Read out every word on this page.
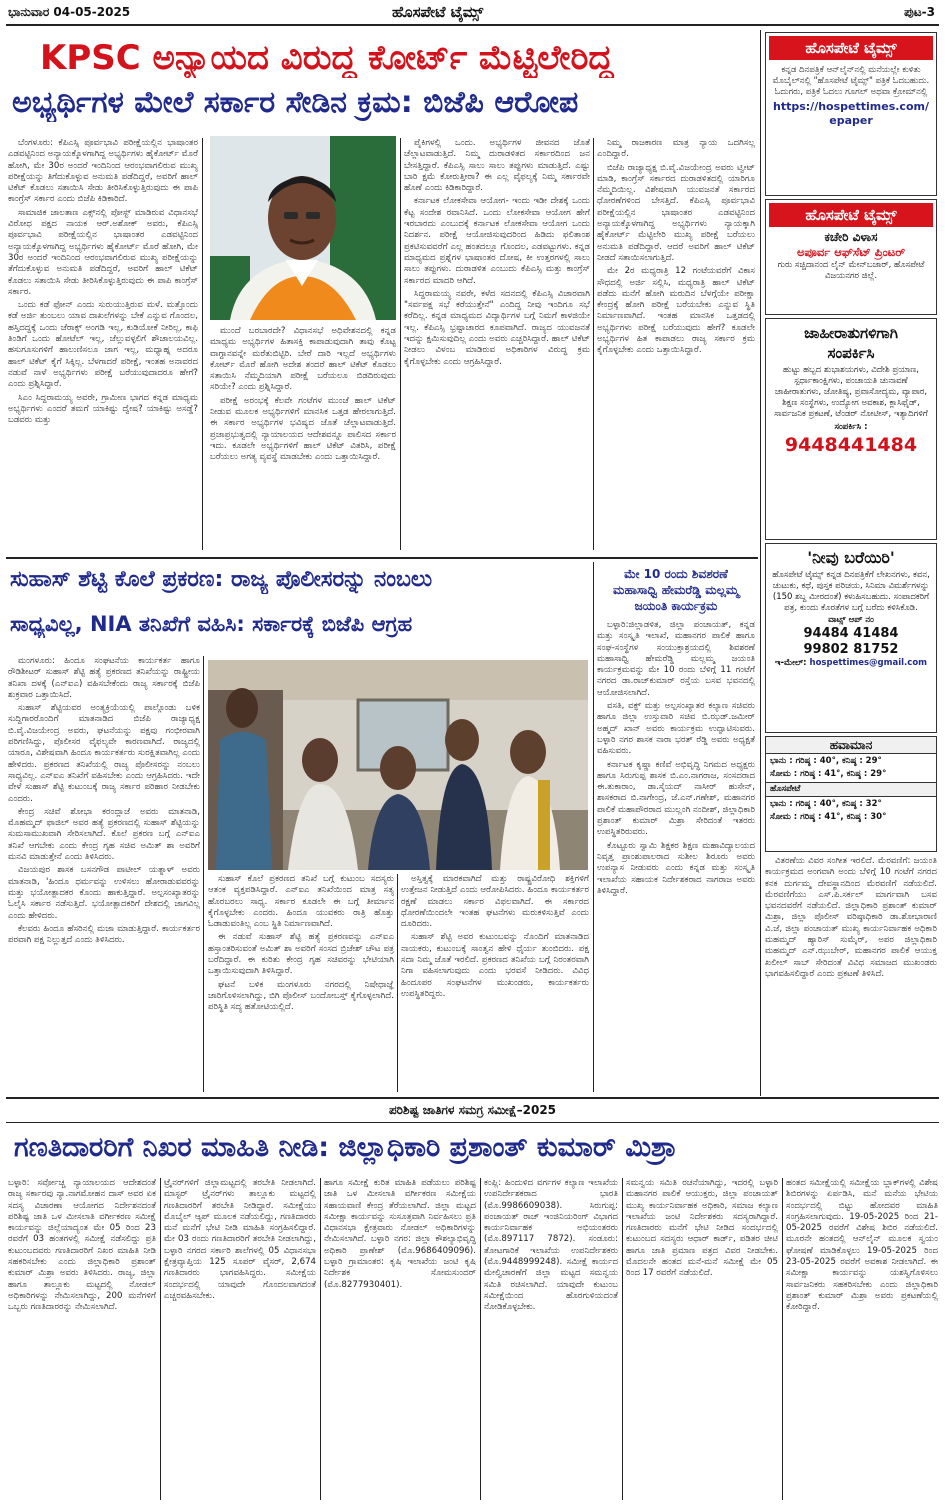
ಭಾನುವಾರ 04-05-2025	ಹೊಸಪೇಟೆ ಟೈಮ್ಸ್	ಪುಟ-3
KPSC ಅನ್ಯಾಯದ ವಿರುದ್ಧ ಕೋರ್ಟ್ ಮೆಟ್ಟಿಲೇರಿದ್ದ
ಅಭ್ಯರ್ಥಿಗಳ ಮೇಲೆ ಸರ್ಕಾರ ಸೇಡಿನ ಕ್ರಮ: ಬಿಜೆಪಿ ಆರೋಪ

ಬೆಂಗಳೂರು: ಕೆಪಿಎಸ್ಸಿ ಪೂರ್ವಭಾವಿ ಪರೀಕ್ಷೆಯಲ್ಲಿನ ಭಾಷಾಂತರ ಎಡವಟ್ಟಿನಿಂದ ಅನ್ಯಾಯಕ್ಕೊಳಗಾಗಿದ್ದ ಅಭ್ಯರ್ಥಿಗಳು ಹೈಕೋರ್ಟ್ ಮೊರೆ ಹೋಗಿ, ಮೇ 30ರ ಅಂದರೆ ಇಂದಿನಿಂದ ಆರಂಭವಾಗಲಿರುವ ಮುಖ್ಯ ಪರೀಕ್ಷೆಯನ್ನು ತಿಗೆದುಕೊಳ್ಳುವ ಅನುಮತಿ ಪಡೆದಿದ್ದರೆ, ಅವರಿಗೆ ಹಾಲ್ ಟಿಕೆಟ್ ಕೊಡಲು ಸತಾಯಿಸಿ ಸೇಡು ತೀರಿಸಿಕೊಳ್ಳುತ್ತಿರುವುದು ಈ ಪಾಪಿ ಕಾಂಗ್ರೆಸ್ ಸರ್ಕಾರ ಎಂದು ಬಿಜೆಪಿ ಕಿಡಿಕಾರಿದೆ.

ಸಾಮಾಜಿಕ ಜಾಲತಾಣ ಎಕ್ಸ್‌ನಲ್ಲಿ ಪೋಸ್ಟ್ ಮಾಡಿರುವ ವಿಧಾನಸಭೆ ವಿರೋಧ ಪಕ್ಷದ ನಾಯಕ ಆರ್.ಅಶೋಕ್ ಅವರು, ಕೆಪಿಎಸ್ಸಿ ಪೂರ್ವಭಾವಿ ಪರೀಕ್ಷೆಯಲ್ಲಿನ ಭಾಷಾಂತರ ಎಡವಟ್ಟಿನಿಂದ ಅನ್ಯಾಯಕ್ಕೊಳಗಾಗಿದ್ದ ಅಭ್ಯರ್ಥಿಗಳು ಹೈಕೋರ್ಟ್ ಮೊರೆ ಹೋಗಿ, ಮೇ 30ರ ಅಂದರೆ ಇಂದಿನಿಂದ ಆರಂಭವಾಗಲಿರುವ ಮುಖ್ಯ ಪರೀಕ್ಷೆಯನ್ನು ತೆಗೆದುಕೊಳ್ಳುವ ಅನುಮತಿ ಪಡೆದಿದ್ದರೆ, ಅವರಿಗೆ ಹಾಲ್ ಟಿಕೆಟ್ ಕೊಡಲು ಸತಾಯಿಸಿ ಸೇಡು ತೀರಿಸಿಕೊಳ್ಳುತ್ತಿರುವುದು ಈ ಪಾಪಿ ಕಾಂಗ್ರೆಸ್ ಸರ್ಕಾರ.

ಒಂದು ಕಡೆ ಫೋನ್ ಎಂದು ಸುರುಯುತ್ತಿರುವ ಮಳೆ. ಮತ್ತೊಂದು ಕಡೆ ಅರ್ಜಿ ತುಂಬಲು ಯಾವ ದಾಖಲೆಗಳನ್ನು ಬೇಕೆ ಎನ್ನುವ ಗೊಂದಲ, ಹಸ್ತಿದದ್ದಕ್ಕೆ ಒಂದು ಜೆರಾಕ್ಸ್ ಅಂಗಡಿ ಇಲ್ಲ, ಕುಡಿಯೋಕೆ ನೀರಿಲ್ಲ, ಕಾಫಿ ತಿಂಡಿಗೆ ಒಂದು ಹೋಟೆಲ್ ಇಲ್ಲ, ಜೆಲ್ಲುವಳ್ಳಲಿಗೆ ಶೌಚಾಲಯವಿಲ್ಲ. ಹಸುಗೂಸುಗಳಿಗೆ ಹಾಲುಣಿಸಲೂ ಜಾಗ ಇಲ್ಲ, ಮಧ್ಯಾಹ್ನ ಅದರೂ ಹಾಲ್ ಟಿಕೆಟ್ ಕೈಗೆ ಸಿಕ್ಕಿಲ್ಲ. ಬೆಳಗಾದರೆ ಪರೀಕ್ಷೆ, ಇಂತಹ ಅನಾವರದ ನಡುವೆ ನಾಳೆ ಅಭ್ಯರ್ಥಿಗಳು ಪರೀಕ್ಷೆ ಬರೆಯುವುದಾದರೂ ಹೇಗೆ? ಎಂದು ಪ್ರಶ್ನಿಸಿದ್ದಾರೆ.

ಸಿಎಂ ಸಿದ್ದರಾಮಯ್ಯ ಅವರೇ, ಗ್ರಾಮೀಣ ಭಾಗದ ಕನ್ನಡ ಮಾಧ್ಯಮ ಅಭ್ಯರ್ಥಿಗಳು ಎಂದರೆ ತಮಗೆ ಯಾಕಿಷ್ಟು ದ್ವೇಷ? ಯಾಕಿಷ್ಟು ಅಸಡ್ಡೆ? ಬಡವರು ಮತ್ತು

ಮುಂದೆ ಬರಬಾರದೇ? ವಿಧಾನಸಭೆ ಅಧಿವೇಶನದಲ್ಲಿ ಕನ್ನಡ ಮಾಧ್ಯಮ ಅಭ್ಯರ್ಥಿಗಳ ಹಿತಾಸಕ್ತಿ ಕಾಪಾಡುವುದಾಗಿ ತಾವು ಕೊಟ್ಟ ವಾಗ್ದಾನವನ್ನೇ ಮರೆತುಬಿಟ್ಟಿರಿ. ಬೇರೆ ದಾರಿ ಇಲ್ಲದೆ ಅಭ್ಯರ್ಥಿಗಳು ಕೋರ್ಟ್ ಮೊರೆ ಹೋಗಿ ಅದೇಶ ತಂದರೆ ಹಾಲ್ ಟಿಕೆಟ್ ಕೊಡಲು ಸತಾಯಿಸಿ ನೆಮ್ಮದಿಯಾಗಿ ಪರೀಕ್ಷೆ ಬರೆಯಲೂ ಬಿಡದಿರುವುದು ಸರಿಯೇ? ಎಂದು ಪ್ರಶ್ನಿಸಿದ್ದಾರೆ.

ಪರೀಕ್ಷೆ ಅರಂಭಕ್ಕೆ ಕೆಲವೇ ಗಂಟೆಗಳ ಮುಂಚೆ ಹಾಲ್ ಟಿಕೆಟ್ ನೀಡುವ ಮೂಲಕ ಅಭ್ಯರ್ಥಿಗಳಿಗೆ ಮಾನಸಿಕ ಒತ್ತಡ ಹೇರಲಾಗುತ್ತಿದೆ. ಈ ಸರ್ಕಾರ ಅಭ್ಯರ್ಥಿಗಳ ಭವಿಷ್ಯದ ಜೊತೆ ಚೆಲ್ಲಾಟವಾಡುತ್ತಿದೆ. ಪ್ರಜಾಪ್ರಭುತ್ವದಲ್ಲಿ ನ್ಯಾಯಾಲಯದ ಆದೇಶವನ್ನೂ ಪಾಲಿಸದ ಸರ್ಕಾರ ಇದು. ಕೂಡಲೇ ಅಭ್ಯರ್ಥಿಗಳಿಗೆ ಹಾಲ್ ಟಿಕೆಟ್ ವಿತರಿಸಿ, ಪರೀಕ್ಷೆ ಬರೆಯಲು ಅಗತ್ಯ ವ್ಯವಸ್ಥೆ ಮಾಡಬೇಕು ಎಂದು ಒತ್ತಾಯಿಸಿದ್ದಾರೆ.

ಪೈಕಿಗಳಲ್ಲಿ ಒಂದು. ಅಭ್ಯರ್ಥಿಗಳ ಜೀವನದ ಜೊತೆ ಚೆಲ್ಲಾಟವಾಡುತ್ತಿದೆ. ನಿಮ್ಮ ದುರಾಡಳಿತದ ಸರ್ಕಾರದಿಂದ ಜನ ಬೇಸತ್ತಿದ್ದಾರೆ. ಕೆಪಿಎಸ್ಸಿ ಸಾಲು ಸಾಲು ತಪ್ಪುಗಳು ಮಾಡುತ್ತಿದೆ. ಎಷ್ಟು ಬಾರಿ ಕ್ಷಮೆ ಕೋರುತ್ತೀರಾ? ಈ ಎಲ್ಲ ವೈಫಲ್ಯಕ್ಕೆ ನಿಮ್ಮ ಸರ್ಕಾರವೇ ಹೊಣೆ ಎಂದು ಕಿಡಿಕಾರಿದ್ದಾರೆ.

ಕರ್ನಾಟಕ ಲೋಕಸೇವಾ ಆಯೋಗ- ಇಂದು ಇಡೀ ದೇಶಕ್ಕೆ ಒಂದು ಕೆಟ್ಟ ಸಂದೇಶ ರವಾನಿಸಿದೆ. ಒಂದು ಲೋಕಸೇವಾ ಆಯೋಗ ಹೇಗೆ ಇರಬಾರದು ಎಂಬುದಕ್ಕೆ ಕರ್ನಾಟಕ ಲೋಕಸೇವಾ ಆಯೋಗ ಒಂದು ನಿದರ್ಶನ. ಪರೀಕ್ಷೆ ಆಯೋಜಿಸುವುದರಿಂದ ಹಿಡಿದು ಫಲಿತಾಂಶ ಪ್ರಕಟಿಸುವವರೆಗೆ ಎಲ್ಲ ಹಂತದಲ್ಲೂ ಗೊಂದಲ, ಎಡವಟ್ಟುಗಳು. ಕನ್ನಡ ಮಾಧ್ಯಮದ ಪ್ರಶ್ನೆಗಳ ಭಾಷಾಂತರ ದೋಷ, ಕೀ ಉತ್ತರಗಳಲ್ಲಿ ಸಾಲು ಸಾಲು ತಪ್ಪುಗಳು. ದುರಾಡಳಿತ ಎಂಬುದು ಕೆಪಿಎಸ್ಸಿ ಮತ್ತು ಕಾಂಗ್ರೆಸ್ ಸರ್ಕಾರದ ಮಾದರಿ ಆಗಿದೆ.

ಸಿದ್ದರಾಮಯ್ಯ ನವರೇ, ಕಳೆದ ಸದನದಲ್ಲಿ ಕೆಪಿಎಸ್ಸಿ ವಿಚಾರವಾಗಿ "ಸರ್ವಪಕ್ಷ ಸಭೆ ಕರೆಯುತ್ತೇನೆ" ಎಂದಿದ್ದ ನೀವು ಇಂದಿಗೂ ಸಭೆ ಕರೆದಿಲ್ಲ. ಕನ್ನಡ ಮಾಧ್ಯಮದ ವಿದ್ಯಾರ್ಥಿಗಳ ಬಗ್ಗೆ ನಿಮಗೆ ಕಾಳಜಿಯೇ ಇಲ್ಲ. ಕೆಪಿಎಸ್ಸಿ ಭ್ರಷ್ಟಾಚಾರದ ಕೂಪವಾಗಿದೆ. ರಾಜ್ಯದ ಯುವಜನತೆ ಇದನ್ನು ಕ್ಷಮಿಸುವುದಿಲ್ಲ ಎಂದು ಅವರು ಎಚ್ಚರಿಸಿದ್ದಾರೆ. ಹಾಲ್ ಟಿಕೆಟ್ ನೀಡಲು ವಿಳಂಬ ಮಾಡಿರುವ ಅಧಿಕಾರಿಗಳ ವಿರುದ್ಧ ಕ್ರಮ ಕೈಗೊಳ್ಳಬೇಕು ಎಂದು ಆಗ್ರಹಿಸಿದ್ದಾರೆ.

ನಿಮ್ಮ ರಾಜಕಾರಣ ಮಾತ್ರ ನ್ಯಾಯ ಒದಗಿಸಲ್ಲ ಎಂದಿದ್ದಾರೆ.

ಬಿಜೆಪಿ ರಾಜ್ಯಾಧ್ಯಕ್ಷ ಬಿ.ವೈ.ವಿಜಯೇಂದ್ರ ಅವರು ಟ್ವೀಟ್ ಮಾಡಿ, ಕಾಂಗ್ರೆಸ್ ಸರ್ಕಾರದ ದುರಾಡಳಿತದಲ್ಲಿ ಯಾರಿಗೂ ನೆಮ್ಮದಿಯಿಲ್ಲ. ವಿಶೇಷವಾಗಿ ಯುವಜನತೆ ಸರ್ಕಾರದ ಧೋರಣೆಗಳಿಂದ ಬೇಸತ್ತಿದೆ. ಕೆಪಿಎಸ್ಸಿ ಪೂರ್ವಭಾವಿ ಪರೀಕ್ಷೆಯಲ್ಲಿನ ಭಾಷಾಂತರ ಎಡವಟ್ಟಿನಿಂದ ಅನ್ಯಾಯಕ್ಕೊಳಗಾಗಿದ್ದ ಅಭ್ಯರ್ಥಿಗಳು ನ್ಯಾಯಕ್ಕಾಗಿ ಹೈಕೋರ್ಟ್ ಮೆಟ್ಟಿಲೇರಿ ಮುಖ್ಯ ಪರೀಕ್ಷೆ ಬರೆಯಲು ಅನುಮತಿ ಪಡೆದಿದ್ದಾರೆ. ಆದರೆ ಅವರಿಗೆ ಹಾಲ್ ಟಿಕೆಟ್ ನೀಡದೆ ಸತಾಯಿಸಲಾಗುತ್ತಿದೆ.

ಮೇ 2ರ ಮಧ್ಯರಾತ್ರಿ 12 ಗಂಟೆಯವರೆಗೆ ವಿಕಾಸ ಸೌಧದಲ್ಲಿ ಅರ್ಜಿ ಸಲ್ಲಿಸಿ, ಮಧ್ಯರಾತ್ರಿ ಹಾಲ್ ಟಿಕೆಟ್ ಪಡೆದು ಮನೆಗೆ ಹೋಗಿ ಮರುದಿನ ಬೆಳಗ್ಗೆಯೇ ಪರೀಕ್ಷಾ ಕೇಂದ್ರಕ್ಕೆ ಹೋಗಿ ಪರೀಕ್ಷೆ ಬರೆಯಬೇಕು ಎನ್ನುವ ಸ್ಥಿತಿ ನಿರ್ಮಾಣವಾಗಿದೆ. ಇಂತಹ ಮಾನಸಿಕ ಒತ್ತಡದಲ್ಲಿ ಅಭ್ಯರ್ಥಿಗಳು ಪರೀಕ್ಷೆ ಬರೆಯುವುದು ಹೇಗೆ? ಕೂಡಲೇ ಅಭ್ಯರ್ಥಿಗಳ ಹಿತ ಕಾಪಾಡಲು ರಾಜ್ಯ ಸರ್ಕಾರ ಕ್ರಮ ಕೈಗೊಳ್ಳಬೇಕು ಎಂದು ಒತ್ತಾಯಿಸಿದ್ದಾರೆ.

ಸುಹಾಸ್ ಶೆಟ್ಟಿ ಕೊಲೆ ಪ್ರಕರಣ: ರಾಜ್ಯ ಪೊಲೀಸರನ್ನು ನಂಬಲು
ಸಾಧ್ಯವಿಲ್ಲ, NIA ತನಿಖೆಗೆ ವಹಿಸಿ: ಸರ್ಕಾರಕ್ಕೆ ಬಿಜೆಪಿ ಆಗ್ರಹ

ಮಂಗಳೂರು: ಹಿಂದೂ ಸಂಘಟನೆಯ ಕಾರ್ಯಕರ್ತ ಹಾಗೂ ರೌಡಿಶೀಟರ್ ಸುಹಾಸ್ ಶೆಟ್ಟಿ ಹತ್ಯೆ ಪ್ರಕರಣದ ತನಿಖೆಯನ್ನು ರಾಷ್ಟ್ರೀಯ ತನಿಖಾ ದಳಕ್ಕೆ (ಎನ್ಐಎ) ವಹಿಸಬೇಕೆಂದು ರಾಜ್ಯ ಸರ್ಕಾರಕ್ಕೆ ಬಿಜೆಪಿ ಶುಕ್ರವಾರ ಒತ್ತಾಯಿಸಿದೆ.

ಸುಹಾಸ್ ಶೆಟ್ಟಿಯವರ ಅಂತ್ಯಕ್ರಿಯೆಯಲ್ಲಿ ಪಾಲ್ಗೊಂಡು ಬಳಿಕ ಸುದ್ದಿಗಾರರೊಂದಿಗೆ ಮಾತನಾಡಿದ ಬಿಜೆಪಿ ರಾಜ್ಯಾಧ್ಯಕ್ಷ ಬಿ.ವೈ.ವಿಜಯೇಂದ್ರ ಅವರು, ಘಟನೆಯನ್ನು ಪಕ್ಷವು ಗಂಭೀರವಾಗಿ ಪರಿಗಣಿಸಿದ್ದು, ಪೊಲೀಸರ ವೈಫಲ್ಯವೇ ಕಾರಣವಾಗಿದೆ. ರಾಜ್ಯದಲ್ಲಿ ಯಾರೂ, ವಿಶೇಷವಾಗಿ ಹಿಂದೂ ಕಾರ್ಯಕರ್ತರು ಸುರಕ್ಷಿತವಾಗಿಲ್ಲ ಎಂದು ಹೇಳಿದರು. ಪ್ರಕರಣದ ತನಿಖೆಯಲ್ಲಿ ರಾಜ್ಯ ಪೊಲೀಸರನ್ನು ನಂಬಲು ಸಾಧ್ಯವಿಲ್ಲ. ಎನ್ಐಎ ತನಿಖೆಗೆ ವಹಿಸಬೇಕು ಎಂದು ಆಗ್ರಹಿಸಿದರು. ಇದೇ ವೇಳೆ ಸುಹಾಸ್ ಶೆಟ್ಟಿ ಕುಟುಂಬಕ್ಕೆ ರಾಜ್ಯ ಸರ್ಕಾರ ಪರಿಹಾರ ನೀಡಬೇಕು ಎಂದರು.

ಕೇಂದ್ರ ಸಚಿವೆ ಶೋಭಾ ಕರಂದ್ಲಾಜೆ ಅವರು ಮಾತನಾಡಿ, ಮೊಹಮ್ಮದ್ ಫಾಜಿಲ್ ಅವರ ಹತ್ಯೆ ಪ್ರಕರಣದಲ್ಲಿ ಸುಹಾಸ್ ಶೆಟ್ಟಿಯನ್ನು ಸುಮಸಾಮುಖವಾಗಿ ಸೇರಿಸಲಾಗಿದೆ. ಕೊಲೆ ಪ್ರಕರಣ ಬಗ್ಗೆ ಎನ್ಐಎ ತನಿಖೆ ಆಗಬೇಕು ಎಂದು ಕೇಂದ್ರ ಗೃಹ ಸಚಿವ ಅಮಿತ್ ಶಾ ಅವರಿಗೆ ಮನವಿ ಮಾಡುತ್ತೇನೆ ಎಂದು ತಿಳಿಸಿದರು.

ವಿಜಯಪುರ ಶಾಸಕ ಬಸನಗೌಡ ಪಾಟೀಲ್ ಯತ್ನಾಳ್ ಅವರು ಮಾತನಾಡಿ, 'ಹಿಂದೂ ಧರ್ಮವನ್ನು ಉಳಿಸಲು ಹೋರಾಡುವವರನ್ನು ಮತ್ತು ಭಯೋತ್ಪಾದಕರ ಕೊಂದು ಹಾಕುತ್ತಿದ್ದಾರೆ. ಅಲ್ಪಸಂಖ್ಯಾತರನ್ನು ಓಲೈಸಿ ಸರ್ಕಾರ ನಡೆಸುತ್ತಿದೆ. ಭಯೋತ್ಪಾದಕರಿಗೆ ದೇಶದಲ್ಲಿ ಜಾಗವಿಲ್ಲ ಎಂದು ಹೇಳಿದರು.

ಕೆಲವರು ಹಿಂದೂ ಹೆಸರಿನಲ್ಲಿ ಮಜಾ ಮಾಡುತ್ತಿದ್ದಾರೆ. ಕಾರ್ಯಕರ್ತರ ಪರವಾಗಿ ಪಕ್ಷ ನಿಲ್ಲುತ್ತದೆ ಎಂದು ತಿಳಿಸಿದರು.

ಸುಹಾಸ್ ಕೊಲೆ ಪ್ರಕರಣದ ತನಿಖೆ ಬಗ್ಗೆ ಕುಟುಂಬ ಸದಸ್ಯರು ಆತಂಕ ವ್ಯಕ್ತಪಡಿಸಿದ್ದಾರೆ. ಎನ್ಐಎ ತನಿಖೆಯಿಂದ ಮಾತ್ರ ಸತ್ಯ ಹೊರಬರಲು ಸಾಧ್ಯ. ಸರ್ಕಾರ ಕೂಡಲೇ ಈ ಬಗ್ಗೆ ತೀರ್ಮಾನ ಕೈಗೊಳ್ಳಬೇಕು ಎಂದರು. ಹಿಂದೂ ಯುವಕರು ರಾತ್ರಿ ಹೊತ್ತು ಓಡಾಡುವಂತಿಲ್ಲ ಎಂಬ ಸ್ಥಿತಿ ನಿರ್ಮಾಣವಾಗಿದೆ.

ಈ ನಡುವೆ ಸುಹಾಸ್ ಶೆಟ್ಟಿ ಹತ್ಯೆ ಪ್ರಕರಣವನ್ನು ಎನ್ಐಎ ಹಸ್ತಾಂತರಿಸುವಂತೆ ಅಮಿತ್ ಶಾ ಅವರಿಗೆ ಸಂಸದ ಬ್ರಿಜೇಶ್ ಚೌಟ ಪತ್ರ ಬರೆದಿದ್ದಾರೆ. ಈ ಕುರಿತು ಕೇಂದ್ರ ಗೃಹ ಸಚಿವರನ್ನು ಭೇಟಿಯಾಗಿ ಒತ್ತಾಯಿಸುವುದಾಗಿ ತಿಳಿಸಿದ್ದಾರೆ.

ಘಟನೆ ಬಳಿಕ ಮಂಗಳೂರು ನಗರದಲ್ಲಿ ನಿಷೇಧಾಜ್ಞೆ ಜಾರಿಗೊಳಿಸಲಾಗಿದ್ದು, ಬಿಗಿ ಪೊಲೀಸ್ ಬಂದೋಬಸ್ತ್ ಕೈಗೊಳ್ಳಲಾಗಿದೆ. ಪರಿಸ್ಥಿತಿ ಸದ್ಯ ಹತೋಟಿಯಲ್ಲಿದೆ.

ಅಸ್ತಿತ್ವಕ್ಕೆ ಮಾರಕವಾಗಿದೆ ಮತ್ತು ರಾಷ್ಟ್ರವಿರೋಧಿ ಶಕ್ತಿಗಳಿಗೆ ಉತ್ತೇಜನ ನೀಡುತ್ತಿದೆ ಎಂದು ಆರೋಪಿಸಿದರು. ಹಿಂದೂ ಕಾರ್ಯಕರ್ತರ ರಕ್ಷಣೆ ಮಾಡಲು ಸರ್ಕಾರ ವಿಫಲವಾಗಿದೆ. ಈ ಸರ್ಕಾರದ ಧೋರಣೆಯಿಂದಲೇ ಇಂತಹ ಘಟನೆಗಳು ಮರುಕಳಿಸುತ್ತಿವೆ ಎಂದು ದೂರಿದರು.

ಸುಹಾಸ್ ಶೆಟ್ಟಿ ಅವರ ಕುಟುಂಬವನ್ನು ನೊಂದಿಗೆ ಮಾತನಾಡಿದ ನಾಯಕರು, ಕುಟುಂಬಕ್ಕೆ ಸಾಂತ್ವನ ಹೇಳಿ ಧೈರ್ಯ ತುಂಬಿದರು. ಪಕ್ಷ ಸದಾ ನಿಮ್ಮ ಜೊತೆ ಇರಲಿದೆ. ಪ್ರಕರಣದ ತನಿಖೆಯ ಬಗ್ಗೆ ನಿರಂತರವಾಗಿ ನಿಗಾ ವಹಿಸಲಾಗುವುದು ಎಂದು ಭರವಸೆ ನೀಡಿದರು. ವಿವಿಧ ಹಿಂದೂಪರ ಸಂಘಟನೆಗಳ ಮುಖಂಡರು, ಕಾರ್ಯಕರ್ತರು ಉಪಸ್ಥಿತರಿದ್ದರು.

ಮೇ 10 ರಂದು ಶಿವಶರಣೆ
ಮಹಾಸಾಧ್ವಿ ಹೇಮರೆಡ್ಡಿ ಮಲ್ಲಮ್ಮ
ಜಯಂತಿ ಕಾರ್ಯಕ್ರಮ

ಬಳ್ಳಾರಿ:ಜಿಲ್ಲಾಡಳಿತ, ಜಿಲ್ಲಾ ಪಂಚಾಯತ್, ಕನ್ನಡ ಮತ್ತು ಸಂಸ್ಕೃತಿ ಇಲಾಖೆ, ಮಹಾನಗರ ಪಾಲಿಕೆ ಹಾಗೂ ಸಂಘ-ಸಂಸ್ಥೆಗಳ ಸಂಯುಕ್ತಾಶ್ರಯದಲ್ಲಿ ಶಿವಶರಣೆ ಮಹಾಸಾಧ್ವಿ ಹೇಮರೆಡ್ಡಿ ಮಲ್ಲಮ್ಮ ಜಯಂತಿ ಕಾರ್ಯಕ್ರಮವನ್ನು ಮೇ 10 ರಂದು ಬೆಳಿಗ್ಗೆ 11 ಗಂಟೆಗೆ ನಗರದ ಡಾ.ರಾಜ್‌ಕುಮಾರ್ ರಸ್ತೆಯ ಬಸವ ಭವನದಲ್ಲಿ ಆಯೋಜಿಸಲಾಗಿದೆ.

ವಸತಿ, ವಕ್ಫ್ ಮತ್ತು ಅಲ್ಪಸಂಖ್ಯಾತರ ಕಲ್ಯಾಣ ಸಚಿವರು ಹಾಗೂ ಜಿಲ್ಲಾ ಉಸ್ತುವಾರಿ ಸಚಿವ ಬಿ.ಝಡ್.ಜಮೀರ್ ಅಹ್ಮದ್ ಖಾನ್ ಅವರು ಕಾರ್ಯಕ್ರಮ ಉದ್ಘಾಟಿಸುವರು. ಬಳ್ಳಾರಿ ನಗರ ಶಾಸಕ ನಾರಾ ಭರತ್ ರೆಡ್ಡಿ ಅವರು ಅಧ್ಯಕ್ಷತೆ ವಹಿಸುವರು.

ಕರ್ನಾಟಕ ಕೃಷ್ಣಾ ಕಣಿವೆ ಅಭಿವೃದ್ಧಿ ನಿಗಮದ ಅಧ್ಯಕ್ಷರು ಹಾಗೂ ಸಿರುಗುಪ್ಪ ಶಾಸಕ ಬಿ.ಎಂ.ನಾಗರಾಜ, ಸಂಸದರಾದ ಈ.ತುಕಾರಾಂ, ಡಾ.ಸೈಯದ್ ನಾಸೀರ್ ಹುಸೇನ್, ಶಾಸಕರಾದ ಬಿ.ನಾಗೇಂದ್ರ, ಜೆ.ಎನ್.ಗಣೇಶ್, ಮಹಾನಗರ ಪಾಲಿಕೆ ಮಹಾಪೌರರಾದ ಮುಲ್ಲಂಗಿ ನಂದೀಶ್, ಜಿಲ್ಲಾಧಿಕಾರಿ ಪ್ರಶಾಂತ್ ಕುಮಾರ್ ಮಿಶ್ರಾ ಸೇರಿದಂತೆ ಇತರರು ಉಪಸ್ಥಿತರಿರುವರು.

ಕೊಟ್ಟೂರು ಸ್ವಾಮಿ ಶಿಕ್ಷಕರ ಶಿಕ್ಷಣ ಮಹಾವಿದ್ಯಾಲಯದ ನಿವೃತ್ತ ಪ್ರಾಂಶುಪಾಲರಾದ ಸುಶೀಲ ಶಿರೂರು ಅವರು ಉಪನ್ಯಾಸ ನೀಡುವರು ಎಂದು ಕನ್ನಡ ಮತ್ತು ಸಂಸ್ಕೃತಿ ಇಲಾಖೆಯ ಸಹಾಯಕ ನಿರ್ದೇಶಕರಾದ ನಾಗರಾಜ ಅವರು ತಿಳಿಸಿದ್ದಾರೆ.

ಹೊಸಪೇಟೆ ಟೈಮ್ಸ್
ಕನ್ನಡ ದಿನಪತ್ರಿಕೆ ಆನ್‌ಲೈನ್‌ನಲ್ಲಿ ಮನೆಯಲ್ಲೇ ಕುಳಿತು ಮೊಬೈಲ್‌ನಲ್ಲಿ "ಹೊಸಪೇಟೆ ಟೈಮ್ಸ್" ಪತ್ರಿಕೆ ಓದಬಹುದು. ಓದುಗರು, ಪತ್ರಿಕೆ ಓದಲು ಗೂಗಲ್ ಅಥವಾ ಕ್ರೋಮ್‌ನಲ್ಲಿ
https://hospettimes.com/
epaper
ಹೊಸಪೇಟೆ ಟೈಮ್ಸ್
ಕಚೇರಿ ವಿಳಾಸ
ಅಪೂರ್ವ ಆಫ್‌ಸೆಟ್ ಪ್ರಿಂಟರ್
ಗುರು ಸಚ್ಚಿದಾನಂದ ಲೈನ್ ಮೇನ್‌ಬಜಾರ್, ಹೊಸಪೇಟೆ ವಿಜಯನಗರ ಜಿಲ್ಲೆ.
ಜಾಹೀರಾತುಗಳಿಗಾಗಿ
ಸಂಪರ್ಕಿಸಿ
ಹುಟ್ಟು ಹಬ್ಬದ ಶುಭಾಶಯಗಳು, ವಿದೇಶಿ ಪ್ರಯಾಣ, ಸ್ಪರ್ಧಾಕಾಂಕ್ಷಿಗಳು, ಪಂಚಾಯತಿ ಚುನಾವಣೆ ಜಾಹೀರಾತುಗಳು, ಜೋತಿಷ್ಯ, ಪ್ರವಾಸೋದ್ಯಮ, ವ್ಯಾಪಾರ, ಶಿಕ್ಷಣ ಸಂಸ್ಥೆಗಳು, ಉದ್ಯೋಗ ಅವಕಾಶ, ಕ್ಲಾಸಿಫೈಡ್, ಸಾರ್ವಜನಿಕ ಪ್ರಕಟಣೆ, ಟೆಂಡರ್ ನೋಟೀಸ್, ಇತ್ಯಾದಿಗಳಿಗೆ
ಸಂಪರ್ಕಿಸಿ :
9448441484
'ನೀವು ಬರೆಯಿರಿ'
ಹೊಸಪೇಟೆ ಟೈಮ್ಸ್ ಕನ್ನಡ ದಿನಪತ್ರಿಕೆಗೆ ಲೇಖನಗಳು, ಕವನ, ಚುಟುಕು, ಕಥೆ, ಪುಸ್ತಕ ಪರಿಚಯ, ಸಿನಿಮಾ ವಿಮರ್ಶೆಗಳನ್ನು (150 ಶಬ್ದ ಮೀರದಂತೆ) ಕಳುಹಿಸಬಹುದು. ಸಂಪಾದಕರಿಗೆ ಪತ್ರ, ಕುಂದು ಕೊರತೆಗಳ ಬಗ್ಗೆ ಬರೆದು ಕಳಿಸಿಕೊಡಿ.
ವಾಟ್ಸ್ ಆಪ್ ನಂ
94484 41484
99802 81752
ಇ-ಮೇಲ್: hospettimes@gmail.com
ಹವಾಮಾನ
ಭಾನು : ಗರಿಷ್ಠ : 40°, ಕನಿಷ್ಠ : 29°
ಸೋಮ : ಗರಿಷ್ಠ : 41°, ಕನಿಷ್ಠ : 29°
ಹೊಸಪೇಟೆ
ಭಾನು : ಗರಿಷ್ಠ : 40°, ಕನಿಷ್ಠ : 32°
ಸೋಮ : ಗರಿಷ್ಠ : 41°, ಕನಿಷ್ಠ : 30°

ವಿತರಣೆಯ ವಿವರ ಸಂಗೀತ ಇರಲಿದೆ. ಮೆರವಣಿಗೆ: ಜಯಂತಿ ಕಾರ್ಯಕ್ರಮದ ಅಂಗವಾಗಿ ಅಂದು ಬೆಳಿಗ್ಗೆ 10 ಗಂಟೆಗೆ ನಗರದ ಕನಕ ದುರ್ಗಮ್ಮ ದೇವಸ್ಥಾನದಿಂದ ಮೆರವಣಿಗೆ ನಡೆಯಲಿದೆ. ಮೆರವಣಿಗೆಯು ಎಸ್.ಪಿ.ಸರ್ಕಲ್ ಮಾರ್ಗವಾಗಿ ಬಸವ ಭವನದವರೆಗೆ ನಡೆಯಲಿದೆ. ಜಿಲ್ಲಾಧಿಕಾರಿ ಪ್ರಶಾಂತ್ ಕುಮಾರ್ ಮಿಶ್ರಾ, ಜಿಲ್ಲಾ ಪೊಲೀಸ್ ವರಿಷ್ಠಾಧಿಕಾರಿ ಡಾ.ಶೋಭಾರಾಣಿ ವಿ.ಜೆ, ಜಿಲ್ಲಾ ಪಂಚಾಯತ್ ಮುಖ್ಯ ಕಾರ್ಯನಿರ್ವಾಹಕ ಅಧಿಕಾರಿ ಮಹಮ್ಮದ್ ಹ್ಯಾರಿಸ್ ಸುಮೈರ್, ಅಪರ ಜಿಲ್ಲಾಧಿಕಾರಿ ಮಹಮ್ಮದ್ ಎನ್.ಝುಬೇರ್, ಮಹಾನಗರ ಪಾಲಿಕೆ ಆಯುಕ್ತ ಖಲೀಲ್ ಸಾಬ್ ಸೇರಿದಂತೆ ವಿವಿಧ ಸಮಾಜದ ಮುಖಂಡರು ಭಾಗವಹಿಸಲಿದ್ದಾರೆ ಎಂದು ಪ್ರಕಟಣೆ ತಿಳಿಸಿದೆ.

ಪರಿಶಿಷ್ಟ ಜಾತಿಗಳ ಸಮಗ್ರ ಸಮೀಕ್ಷೆ–2025
ಗಣತಿದಾರರಿಗೆ ನಿಖರ ಮಾಹಿತಿ ನೀಡಿ: ಜಿಲ್ಲಾಧಿಕಾರಿ ಪ್ರಶಾಂತ್ ಕುಮಾರ್ ಮಿಶ್ರಾ
ಬಳ್ಳಾರಿ: ಸರ್ವೋಚ್ಚ ನ್ಯಾಯಾಲಯದ ಆದೇಶದಂತೆ ರಾಜ್ಯ ಸರ್ಕಾರವು ನ್ಯಾ.ನಾಗಮೋಹನ ದಾಸ್ ಅವರ ಏಕ ಸದಸ್ಯ ವಿಚಾರಣಾ ಆಯೋಗದ ನಿರ್ದೇಶನದಂತೆ ಪರಿಶಿಷ್ಟ ಜಾತಿ ಒಳ ಮೀಸಲಾತಿ ವರ್ಗೀಕರಣ ಸಮೀಕ್ಷೆ ಕಾರ್ಯವನ್ನು ಜಿಲ್ಲೆಯಾದ್ಯಂತ ಮೇ 05 ರಿಂದ 23 ರವರೆಗೆ 03 ಹಂತಗಳಲ್ಲಿ ಸಮೀಕ್ಷೆ ನಡೆಸಲಿದ್ದು ಪ್ರತಿ ಕುಟುಂಬದವರು ಗಣತಿದಾರರಿಗೆ ನಿಖರ ಮಾಹಿತಿ ನೀಡಿ ಸಹಕರಿಸಬೇಕು ಎಂದು ಜಿಲ್ಲಾಧಿಕಾರಿ ಪ್ರಶಾಂತ್ ಕುಮಾರ್ ಮಿಶ್ರಾ ಅವರು ತಿಳಿಸಿದರು. ರಾಜ್ಯ, ಜಿಲ್ಲಾ ಹಾಗೂ ತಾಲ್ಲೂಕು ಮಟ್ಟದಲ್ಲಿ ನೋಡಲ್ ಅಧಿಕಾರಿಗಳನ್ನು ನೇಮಿಸಲಾಗಿದ್ದು, 200 ಮನೆಗಳಿಗೆ ಒಬ್ಬರು ಗಣತಿದಾರರನ್ನು ನೇಮಿಸಲಾಗಿದೆ.
ಟ್ರೈನರ್‌ಗಳಿಗೆ ಜಿಲ್ಲಾಮಟ್ಟದಲ್ಲಿ ತರಬೇತಿ ನೀಡಲಾಗಿದೆ. ಮಾಸ್ಟರ್ ಟ್ರೈನರ್‌ಗಳು ತಾಲ್ಲೂಕು ಮಟ್ಟದಲ್ಲಿ ಗಣತಿದಾರರಿಗೆ ತರಬೇತಿ ನೀಡಿದ್ದಾರೆ. ಸಮೀಕ್ಷೆಯು ಮೊಬೈಲ್ ಆ್ಯಪ್ ಮೂಲಕ ನಡೆಯಲಿದ್ದು, ಗಣತಿದಾರರು ಮನೆ ಮನೆಗೆ ಭೇಟಿ ನೀಡಿ ಮಾಹಿತಿ ಸಂಗ್ರಹಿಸಲಿದ್ದಾರೆ. ಮೇ 03 ರಂದು ಗಣತಿದಾರರಿಗೆ ತರಬೇತಿ ನೀಡಲಾಗಿದ್ದು, ಬಳ್ಳಾರಿ ನಗರದ ಸರ್ಕಾರಿ ಶಾಲೆಗಳಲ್ಲಿ 05 ವಿಧಾನಸಭಾ ಕ್ಷೇತ್ರವ್ಯಾಪ್ತಿಯ 125 ಸೂಪರ್ ವೈಸರ್, 2,674 ಗಣತಿದಾರರು ಭಾಗವಹಿಸಿದ್ದರು. ಸಮೀಕ್ಷೆಯ ಸಂದರ್ಭದಲ್ಲಿ ಯಾವುದೇ ಗೊಂದಲವಾಗದಂತೆ ಎಚ್ಚರವಹಿಸಬೇಕು.
ಹಾಗೂ ಸಮೀಕ್ಷೆ ಕುರಿತ ಮಾಹಿತಿ ಪಡೆಯಲು ಪರಿಶಿಷ್ಟ ಜಾತಿ ಒಳ ಮೀಸಲಾತಿ ವರ್ಗೀಕರಣ ಸಮೀಕ್ಷೆಯ ಸಹಾಯವಾಣಿ ಕೇಂದ್ರ ತೆರೆಯಲಾಗಿದೆ. ಜಿಲ್ಲಾ ಮಟ್ಟದ ಸಮೀಕ್ಷಾ ಕಾರ್ಯವನ್ನು ಸುಸೂತ್ರವಾಗಿ ನಿರ್ವಹಿಸಲು ಪ್ರತಿ ವಿಧಾನಸಭಾ ಕ್ಷೇತ್ರವಾರು ನೋಡಲ್ ಅಧಿಕಾರಿಗಳನ್ನು ನೇಮಿಸಲಾಗಿದೆ. ಬಳ್ಳಾರಿ ನಗರ: ಜಿಲ್ಲಾ ಕೌಶಲ್ಯಾಭಿವೃದ್ಧಿ ಅಧಿಕಾರಿ ಪ್ರಾಣೇಶ್ (ಮೊ.9686409096). ಬಳ್ಳಾರಿ ಗ್ರಾಮಾಂತರ: ಕೃಷಿ ಇಲಾಖೆಯ ಜಂಟಿ ಕೃಷಿ ನಿರ್ದೇಶಕ ಸೋಮಸುಂದರ್ (ಮೊ.8277930401).
ಕಂಪ್ಲಿ: ಹಿಂದುಳಿದ ವರ್ಗಗಳ ಕಲ್ಯಾಣ ಇಲಾಖೆಯ ಉಪನಿರ್ದೇಶಕರಾದ ಭಾರತಿ (ಮೊ.9986609038). ಸಿರುಗುಪ್ಪ: ಪಂಚಾಯತ್ ರಾಜ್ ಇಂಜಿನಿಯರಿಂಗ್ ವಿಭಾಗದ ಕಾರ್ಯನಿರ್ವಾಹಕ ಅಭಿಯಂತರರು (ಮೊ.897117 7872). ಸಂಡೂರು: ತೋಟಗಾರಿಕೆ ಇಲಾಖೆಯ ಉಪನಿರ್ದೇಶಕರು (ಮೊ.9448999248). ಸಮೀಕ್ಷೆ ಕಾರ್ಯದ ಮೇಲ್ವಿಚಾರಣೆಗೆ ಜಿಲ್ಲಾ ಮಟ್ಟದ ಸಮನ್ವಯ ಸಮಿತಿ ರಚಿಸಲಾಗಿದೆ. ಯಾವುದೇ ಕುಟುಂಬ ಸಮೀಕ್ಷೆಯಿಂದ ಹೊರಗುಳಿಯದಂತೆ ನೋಡಿಕೊಳ್ಳಬೇಕು.
ಸಮನ್ವಯ ಸಮಿತಿ ರಚನೆಯಾಗಿದ್ದು, ಇದರಲ್ಲಿ ಬಳ್ಳಾರಿ ಮಹಾನಗರ ಪಾಲಿಕೆ ಆಯುಕ್ತರು, ಜಿಲ್ಲಾ ಪಂಚಾಯತ್ ಮುಖ್ಯ ಕಾರ್ಯನಿರ್ವಾಹಕ ಅಧಿಕಾರಿ, ಸಮಾಜ ಕಲ್ಯಾಣ ಇಲಾಖೆಯ ಜಂಟಿ ನಿರ್ದೇಶಕರು ಸದಸ್ಯರಾಗಿದ್ದಾರೆ. ಗಣತಿದಾರರು ಮನೆಗೆ ಭೇಟಿ ನೀಡಿದ ಸಂದರ್ಭದಲ್ಲಿ ಕುಟುಂಬದ ಸದಸ್ಯರು ಆಧಾರ್ ಕಾರ್ಡ್, ಪಡಿತರ ಚೀಟಿ ಹಾಗೂ ಜಾತಿ ಪ್ರಮಾಣ ಪತ್ರದ ವಿವರ ನೀಡಬೇಕು. ಮೊದಲನೇ ಹಂತದ ಮನೆ-ಮನೆ ಸಮೀಕ್ಷೆ ಮೇ 05 ರಿಂದ 17 ರವರೆಗೆ ನಡೆಯಲಿದೆ.
ಹಂತದ ಸಮೀಕ್ಷೆಯಲ್ಲಿ ಸಮೀಕ್ಷೆಯ ಬ್ಲಾಕ್‌ಗಳಲ್ಲಿ ವಿಶೇಷ ಶಿಬಿರಗಳನ್ನು ಏರ್ಪಡಿಸಿ, ಮನೆ ಮನೆಯ ಭೇಟಿಯ ಸಂದರ್ಭದಲ್ಲಿ ಬಿಟ್ಟು ಹೋದವರ ಮಾಹಿತಿ ಸಂಗ್ರಹಿಸಲಾಗುವುದು. 19-05-2025 ರಿಂದ 21-05-2025 ರವರೆಗೆ ವಿಶೇಷ ಶಿಬಿರ ನಡೆಯಲಿದೆ. ಮೂರನೇ ಹಂತದಲ್ಲಿ ಆನ್‌ಲೈನ್ ಮೂಲಕ ಸ್ವಯಂ ಘೋಷಣೆ ಮಾಡಿಕೊಳ್ಳಲು 19-05-2025 ರಿಂದ 23-05-2025 ರವರೆಗೆ ಅವಕಾಶ ನೀಡಲಾಗಿದೆ. ಈ ಸಮೀಕ್ಷಾ ಕಾರ್ಯವನ್ನು ಯಶಸ್ವಿಗೊಳಿಸಲು ಸಾರ್ವಜನಿಕರು ಸಹಕರಿಸಬೇಕು ಎಂದು ಜಿಲ್ಲಾಧಿಕಾರಿ ಪ್ರಶಾಂತ್ ಕುಮಾರ್ ಮಿಶ್ರಾ ಅವರು ಪ್ರಕಟಣೆಯಲ್ಲಿ ಕೋರಿದ್ದಾರೆ.
